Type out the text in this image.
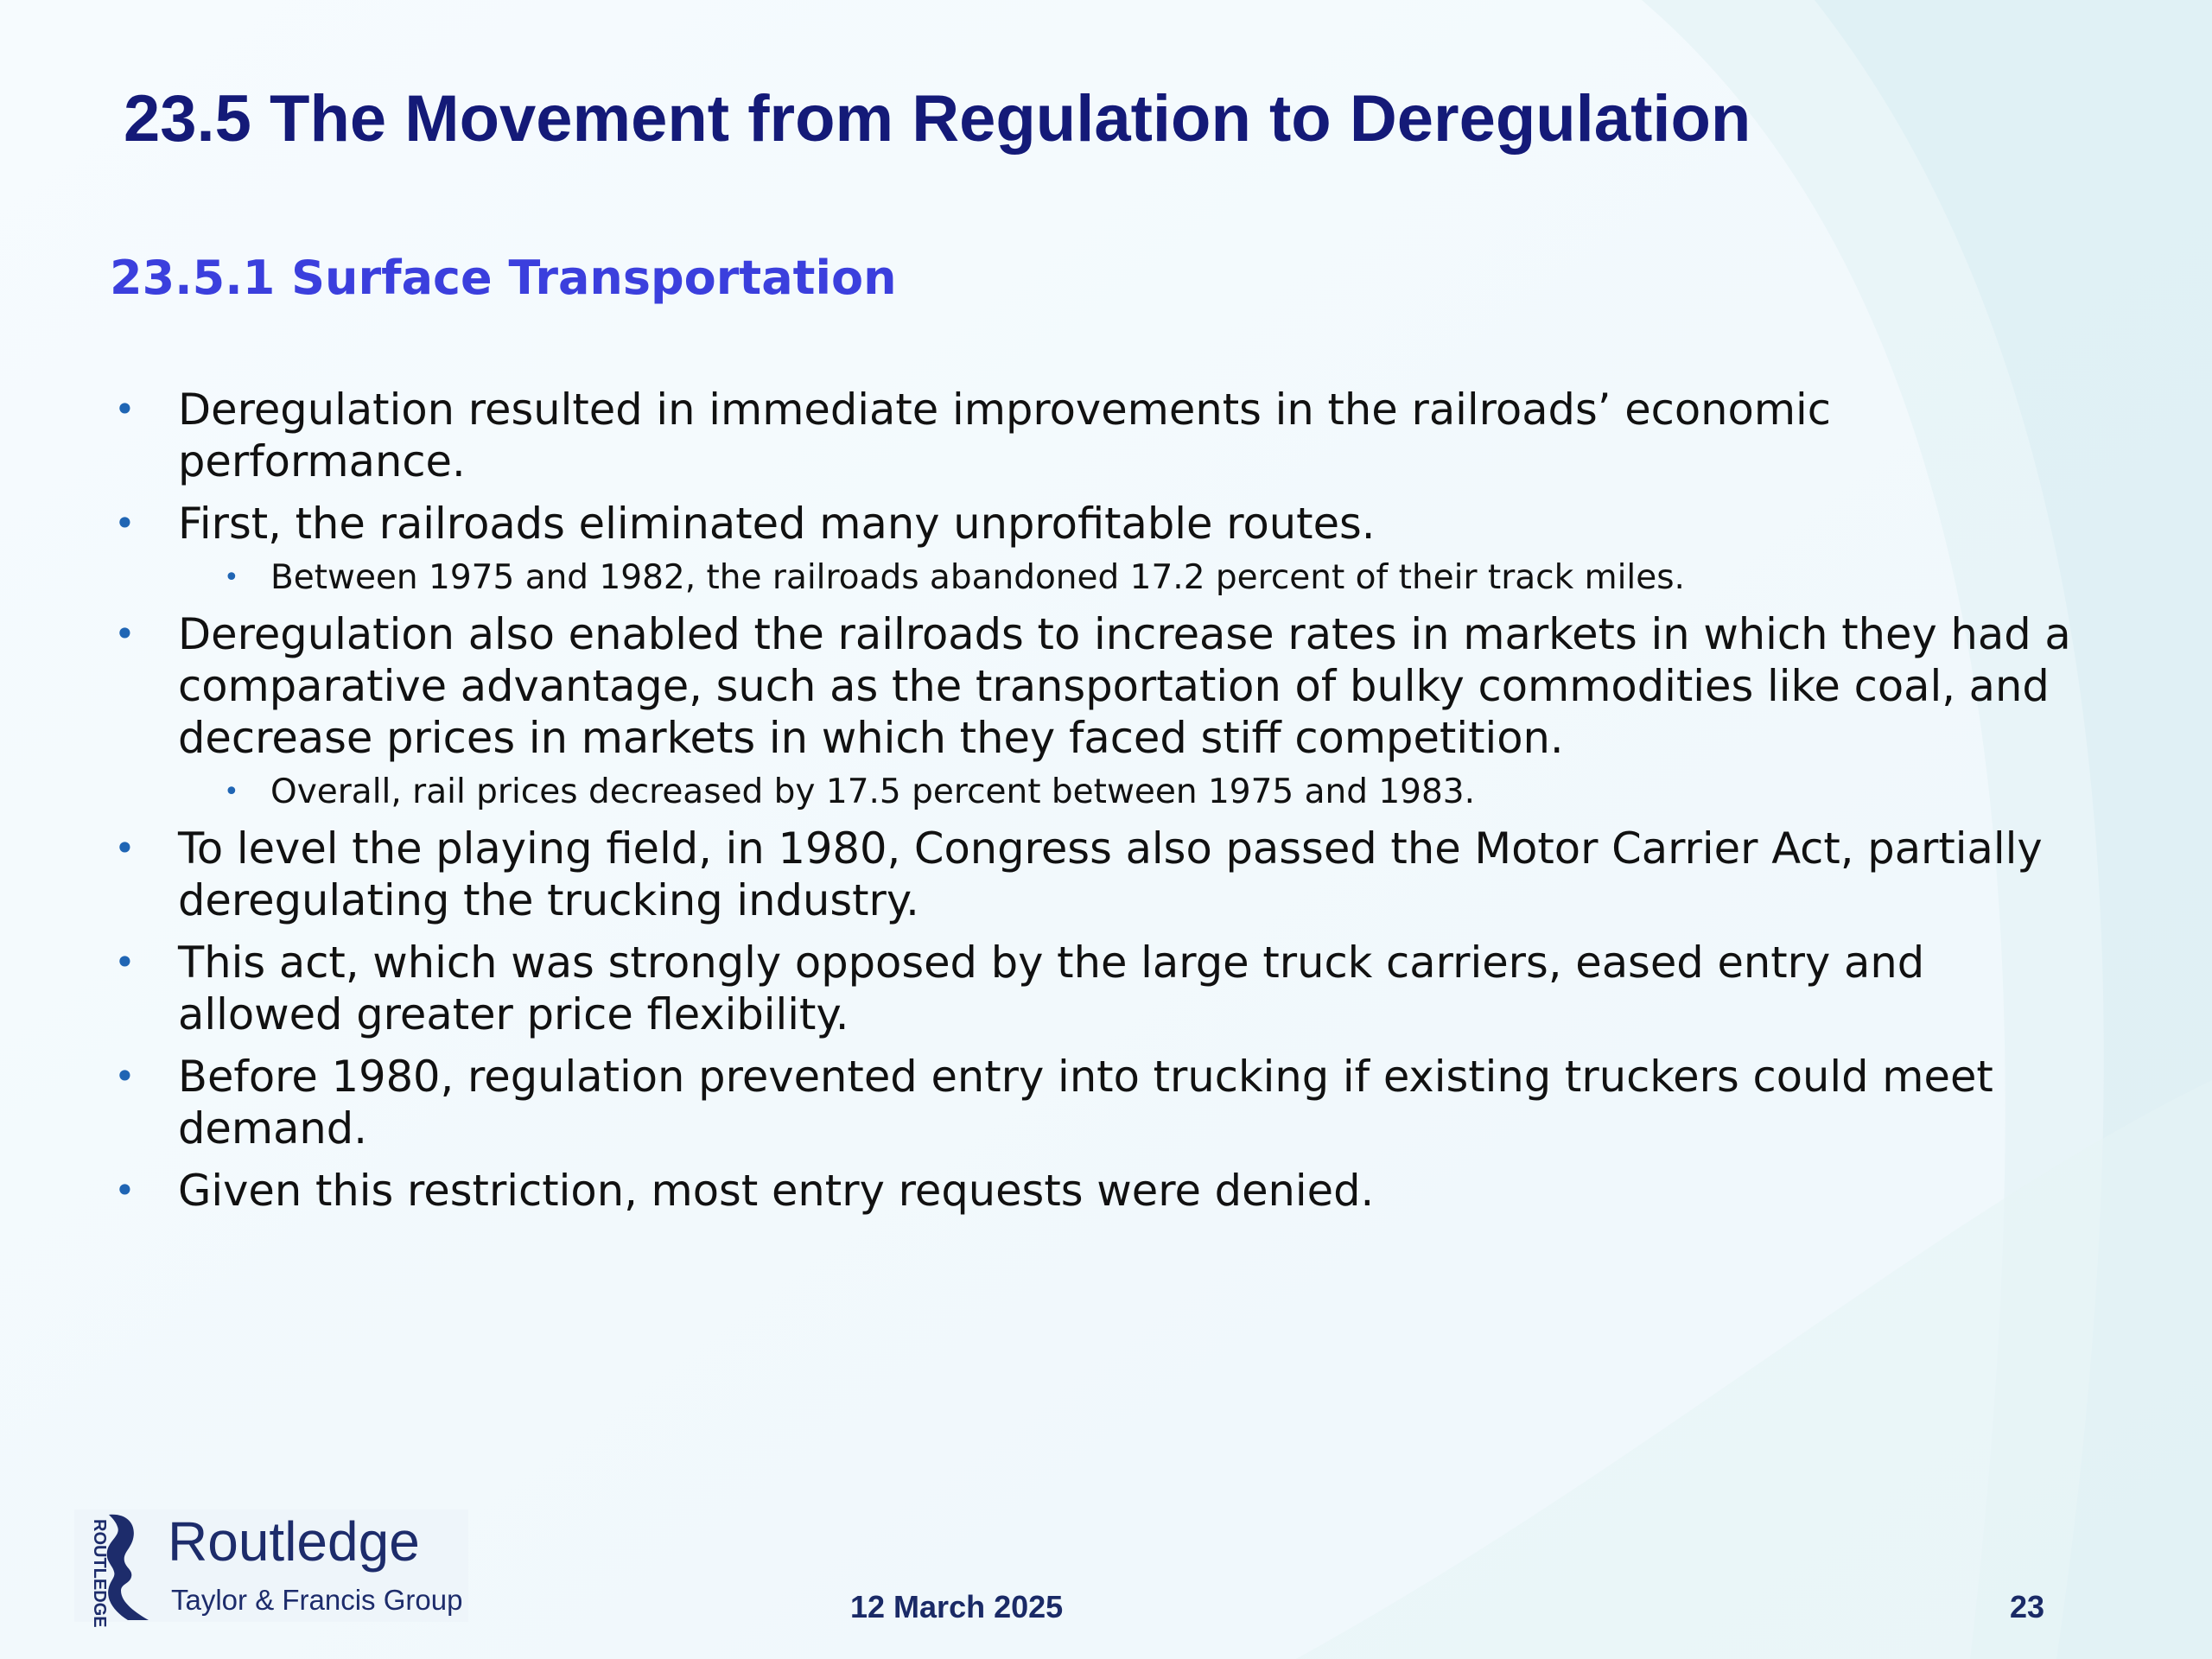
23.5 The Movement from Regulation to Deregulation
23.5.1 Surface Transportation
• Deregulation resulted in immediate improvements in the railroads’ economic performance.
• First, the railroads eliminated many unprofitable routes.
• Between 1975 and 1982, the railroads abandoned 17.2 percent of their track miles.
• Deregulation also enabled the railroads to increase rates in markets in which they had a comparative advantage, such as the transportation of bulky commodities like coal, and decrease prices in markets in which they faced stiff competition.
• Overall, rail prices decreased by 17.5 percent between 1975 and 1983.
• To level the playing field, in 1980, Congress also passed the Motor Carrier Act, partially deregulating the trucking industry.
• This act, which was strongly opposed by the large truck carriers, eased entry and allowed greater price flexibility.
• Before 1980, regulation prevented entry into trucking if existing truckers could meet demand.
• Given this restriction, most entry requests were denied.
ROUTLEDGE Routledge
Taylor & Francis Group	12 March 2025	23
